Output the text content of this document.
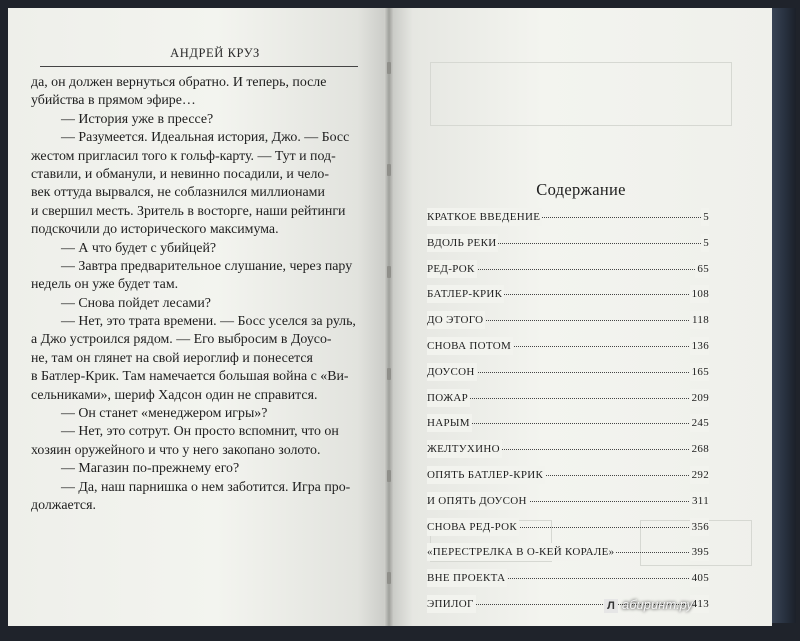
АНДРЕЙ КРУЗ
да, он должен вернуться обратно. И теперь, после
убийства в прямом эфире…
— История уже в прессе?
— Разумеется. Идеальная история, Джо. — Босс
жестом пригласил того к гольф-карту. — Тут и под-
ставили, и обманули, и невинно посадили, и чело-
век оттуда вырвался, не соблазнился миллионами
и свершил месть. Зритель в восторге, наши рейтинги
подскочили до исторического максимума.
— А что будет с убийцей?
— Завтра предварительное слушание, через пару
недель он уже будет там.
— Снова пойдет лесами?
— Нет, это трата времени. — Босс уселся за руль,
а Джо устроился рядом. — Его выбросим в Доусо-
не, там он глянет на свой иероглиф и понесется
в Батлер-Крик. Там намечается большая война с «Ви-
сельниками», шериф Хадсон один не справится.
— Он станет «менеджером игры»?
— Нет, это сотрут. Он просто вспомнит, что он
хозяин оружейного и что у него закопано золото.
— Магазин по-прежнему его?
— Да, наш парнишка о нем заботится. Игра про-
должается.
Содержание
КРАТКОЕ ВВЕДЕНИЕ	5
ВДОЛЬ РЕКИ	5
РЕД-РОК	65
БАТЛЕР-КРИК	108
ДО ЭТОГО	118
СНОВА ПОТОМ	136
ДОУСОН	165
ПОЖАР	209
НАРЫМ	245
ЖЕЛТУХИНО	268
ОПЯТЬ БАТЛЕР-КРИК	292
И ОПЯТЬ ДОУСОН	311
СНОВА РЕД-РОК	356
«ПЕРЕСТРЕЛКА В О-КЕЙ КОРАЛЕ»	395
ВНЕ ПРОЕКТА	405
ЭПИЛОГ	413
Л абиринт.ру
